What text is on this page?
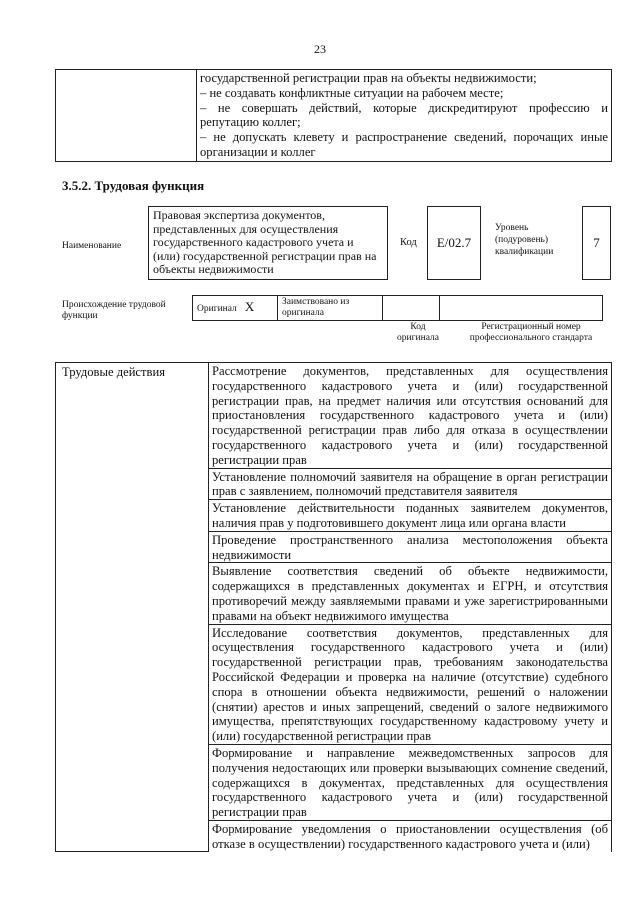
23

государственной регистрации прав на объекты недвижимости;
– не создавать конфликтные ситуации на рабочем месте;
– не совершать действий, которые дискредитируют профессию и репутацию коллег;
– не допускать клевету и распространение сведений, порочащих иные организации и коллег
3.5.2. Трудовая функция
Наименование
Правовая экспертиза документов, представленных для осуществления государственного кадастрового учета и (или) государственной регистрации прав на объекты недвижимости
Код	E/02.7
Уровень (подуровень) квалификации
7
Происхождение трудовой функции
Оригинал X	Заимствовано из оригинала		
Код оригинала
Регистрационный номер профессионального стандарта
Трудовые действия	Рассмотрение документов, представленных для осуществления государственного кадастрового учета и (или) государственной регистрации прав, на предмет наличия или отсутствия оснований для приостановления государственного кадастрового учета и (или) государственной регистрации прав либо для отказа в осуществлении государственного кадастрового учета и (или) государственной регистрации прав
Установление полномочий заявителя на обращение в орган регистрации прав с заявлением, полномочий представителя заявителя
Установление действительности поданных заявителем документов, наличия прав у подготовившего документ лица или органа власти
Проведение пространственного анализа местоположения объекта недвижимости
Выявление соответствия сведений об объекте недвижимости, содержащихся в представленных документах и ЕГРН, и отсутствия противоречий между заявляемыми правами и уже зарегистрированными правами на объект недвижимого имущества
Исследование соответствия документов, представленных для осуществления государственного кадастрового учета и (или) государственной регистрации прав, требованиям законодательства Российской Федерации и проверка на наличие (отсутствие) судебного спора в отношении объекта недвижимости, решений о наложении (снятии) арестов и иных запрещений, сведений о залоге недвижимого имущества, препятствующих государственному кадастровому учету и (или) государственной регистрации прав
Формирование и направление межведомственных запросов для получения недостающих или проверки вызывающих сомнение сведений, содержащихся в документах, представленных для осуществления государственного кадастрового учета и (или) государственной регистрации прав
Формирование уведомления о приостановлении осуществления (об отказе в осуществлении) государственного кадастрового учета и (или)
